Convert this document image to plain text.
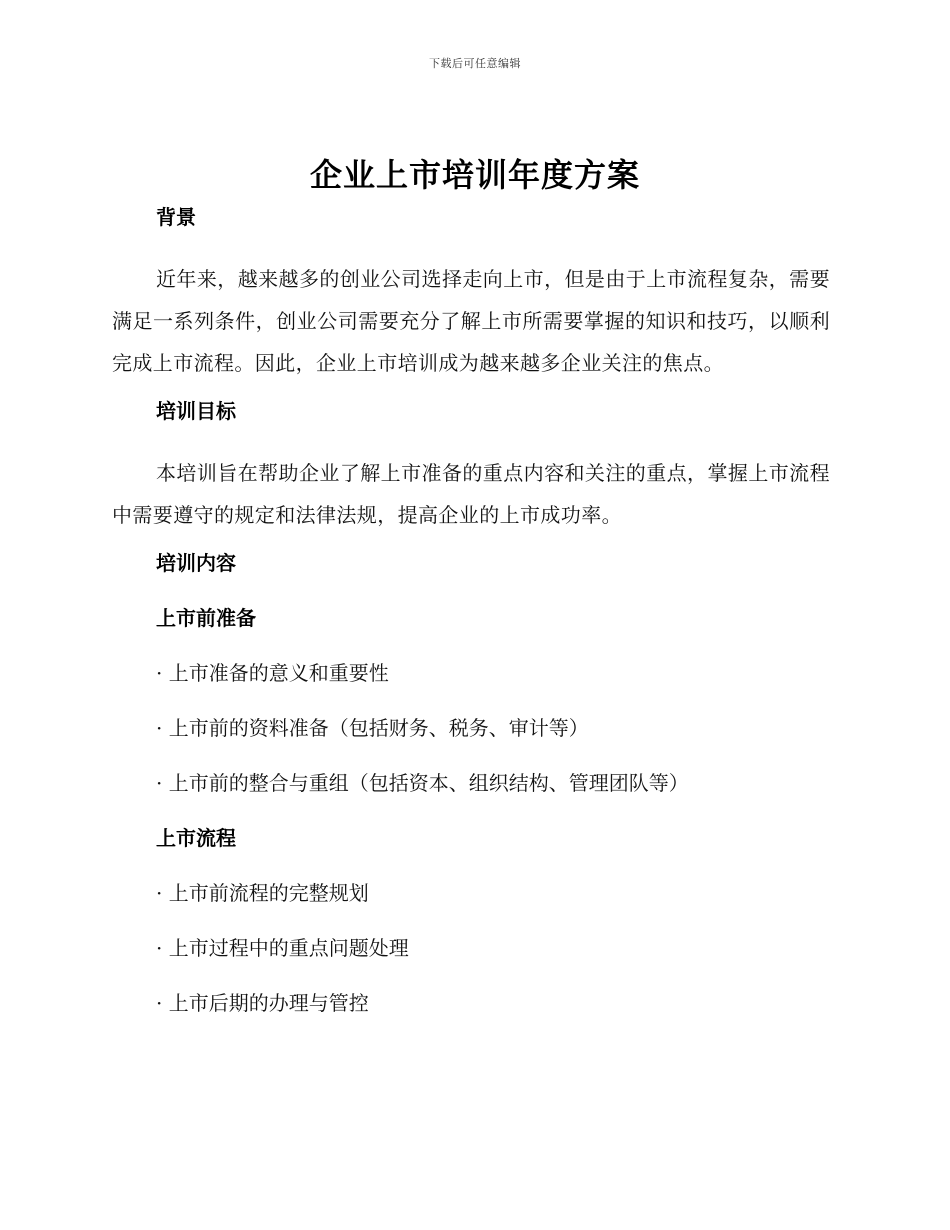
下载后可任意编辑
企业上市培训年度方案
背景

近年来，越来越多的创业公司选择走向上市，但是由于上市流程复杂，需要满足一系列条件，创业公司需要充分了解上市所需要掌握的知识和技巧，以顺利完成上市流程。因此，企业上市培训成为越来越多企业关注的焦点。

培训目标

本培训旨在帮助企业了解上市准备的重点内容和关注的重点，掌握上市流程中需要遵守的规定和法律法规，提高企业的上市成功率。

培训内容
上市前准备
· 上市准备的意义和重要性
· 上市前的资料准备（包括财务、税务、审计等）
· 上市前的整合与重组（包括资本、组织结构、管理团队等）
上市流程
· 上市前流程的完整规划
· 上市过程中的重点问题处理
· 上市后期的办理与管控
